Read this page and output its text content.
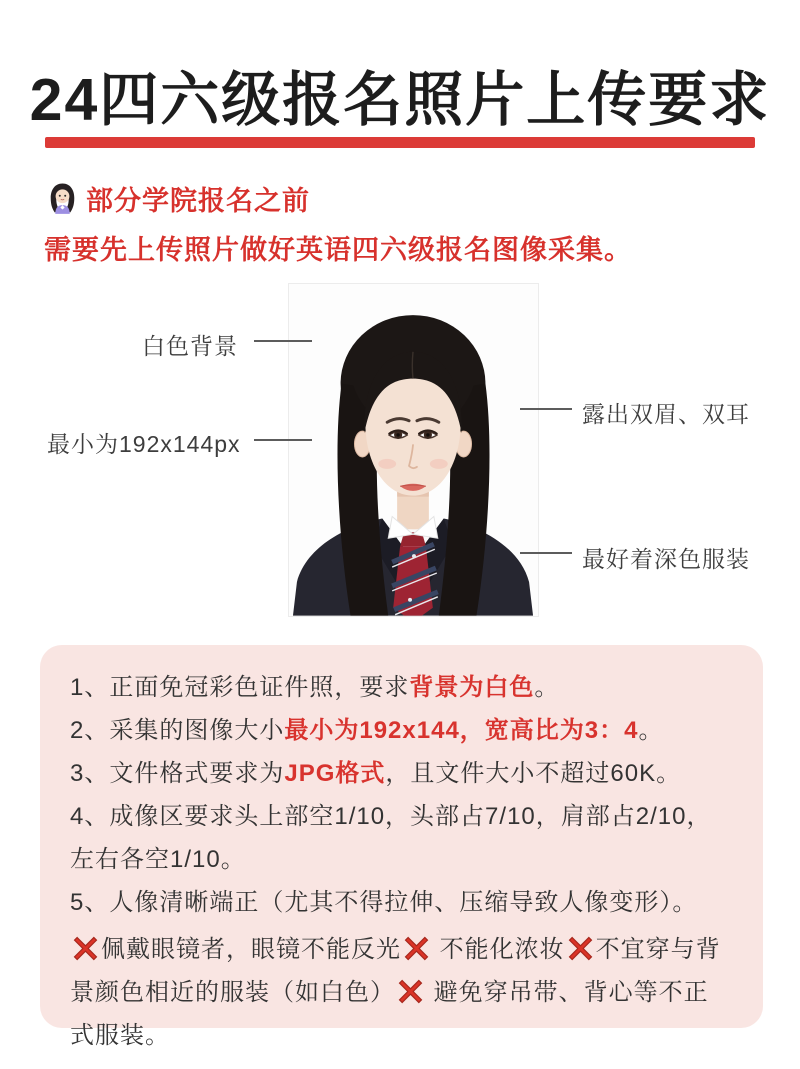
24四六级报名照片上传要求
部分学院报名之前
需要先上传照片做好英语四六级报名图像采集。
白色背景
最小为192x144px
露出双眉、双耳
最好着深色服装

1、正面免冠彩色证件照，要求背景为白色。

2、采集的图像大小最小为192x144，宽高比为3：4。

3、文件格式要求为JPG格式，且文件大小不超过60K。

4、成像区要求头上部空1/10，头部占7/10，肩部占2/10，左右各空1/10。

5、人像清晰端正（尤其不得拉伸、压缩导致人像变形）。

佩戴眼镜者，眼镜不能反光 不能化浓妆 不宜穿与背景颜色相近的服装（如白色） 避免穿吊带、背心等不正式服装。
